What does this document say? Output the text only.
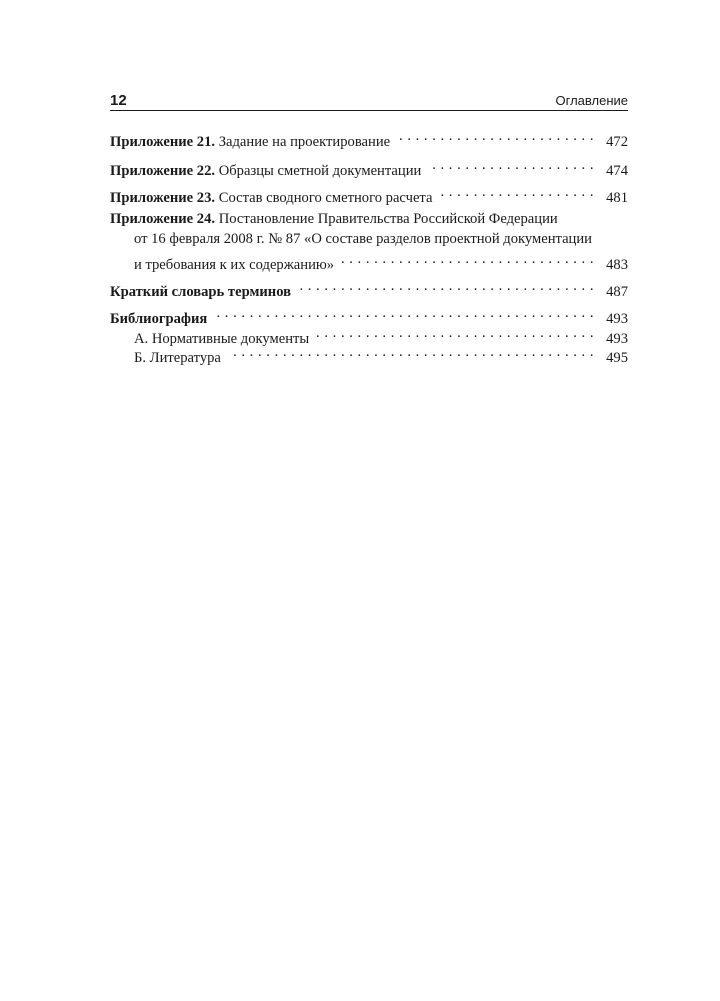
12	Оглавление
Приложение 21. Задание на проектирование . . .	472
Приложение 22. Образцы сметной документации . . .	474
Приложение 23. Состав сводного сметного расчета . . .	481
Приложение 24. Постановление Правительства Российской Федерации
от 16 февраля 2008 г. № 87 «О составе разделов проектной документации
и требования к их содержанию» . . .	483
Краткий словарь терминов . . .	487
Библиография . . .	493
А. Нормативные документы . . .	493
Б. Литература . . .	495
